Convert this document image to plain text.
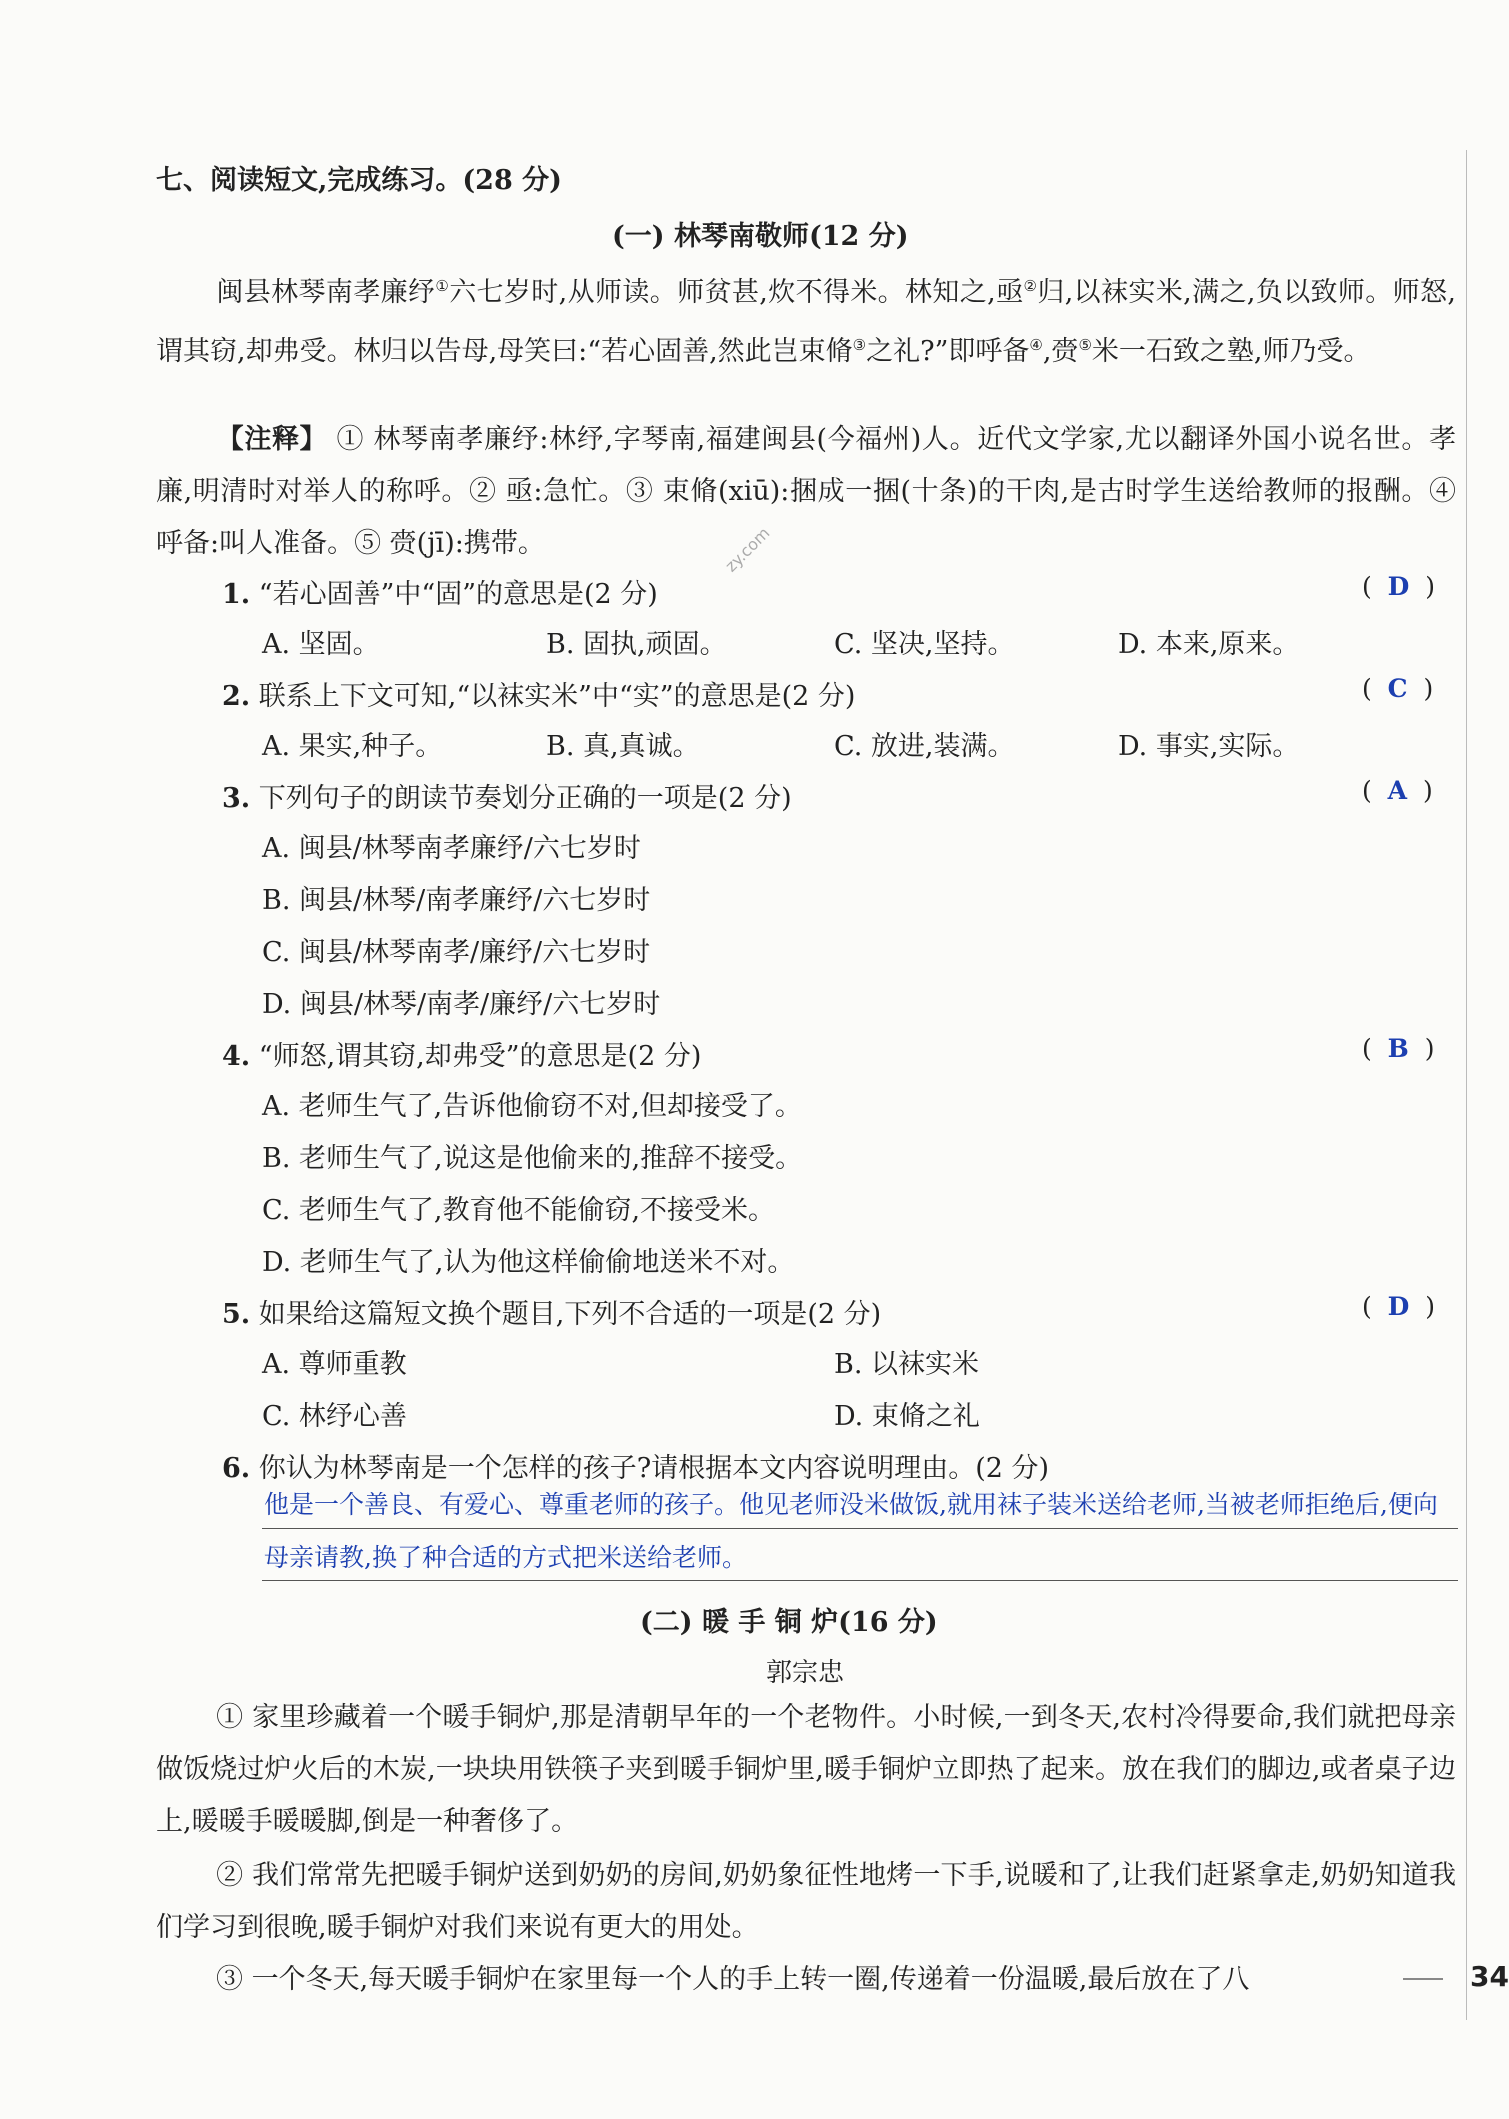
七、阅读短文,完成练习。(28 分)
(一) 林琴南敬师(12 分)
闽县林琴南孝廉纾①六七岁时,从师读。师贫甚,炊不得米。林知之,亟②归,以袜实米,满之,负以致师。师怒,谓其窃,却弗受。林归以告母,母笑曰:“若心固善,然此岂束脩③之礼?”即呼备④,赍⑤米一石致之塾,师乃受。
【注释】 ① 林琴南孝廉纾:林纾,字琴南,福建闽县(今福州)人。近代文学家,尤以翻译外国小说名世。孝廉,明清时对举人的称呼。② 亟:急忙。③ 束脩(xiū):捆成一捆(十条)的干肉,是古时学生送给教师的报酬。④ 呼备:叫人准备。⑤ 赍(jī):携带。
1. “若心固善”中“固”的意思是(2 分)	( D )
A. 坚固。	B. 固执,顽固。	C. 坚决,坚持。	D. 本来,原来。
2. 联系上下文可知,“以袜实米”中“实”的意思是(2 分)	( C )
A. 果实,种子。	B. 真,真诚。	C. 放进,装满。	D. 事实,实际。
3. 下列句子的朗读节奏划分正确的一项是(2 分)	( A )
A. 闽县/林琴南孝廉纾/六七岁时
B. 闽县/林琴/南孝廉纾/六七岁时
C. 闽县/林琴南孝/廉纾/六七岁时
D. 闽县/林琴/南孝/廉纾/六七岁时
4. “师怒,谓其窃,却弗受”的意思是(2 分)	( B )
A. 老师生气了,告诉他偷窃不对,但却接受了。
B. 老师生气了,说这是他偷来的,推辞不接受。
C. 老师生气了,教育他不能偷窃,不接受米。
D. 老师生气了,认为他这样偷偷地送米不对。
5. 如果给这篇短文换个题目,下列不合适的一项是(2 分)	( D )
A. 尊师重教	B. 以袜实米
C. 林纾心善	D. 束脩之礼
6. 你认为林琴南是一个怎样的孩子?请根据本文内容说明理由。(2 分)
他是一个善良、有爱心、尊重老师的孩子。他见老师没米做饭,就用袜子装米送给老师,当被老师拒绝后,便向母亲请教,换了种合适的方式把米送给老师。
(二) 暖 手 铜 炉(16 分)
郭宗忠
① 家里珍藏着一个暖手铜炉,那是清朝早年的一个老物件。小时候,一到冬天,农村冷得要命,我们就把母亲做饭烧过炉火后的木炭,一块块用铁筷子夹到暖手铜炉里,暖手铜炉立即热了起来。放在我们的脚边,或者桌子边上,暖暖手暖暖脚,倒是一种奢侈了。
② 我们常常先把暖手铜炉送到奶奶的房间,奶奶象征性地烤一下手,说暖和了,让我们赶紧拿走,奶奶知道我们学习到很晚,暖手铜炉对我们来说有更大的用处。
③ 一个冬天,每天暖手铜炉在家里每一个人的手上转一圈,传递着一份温暖,最后放在了八
zy.com
34
